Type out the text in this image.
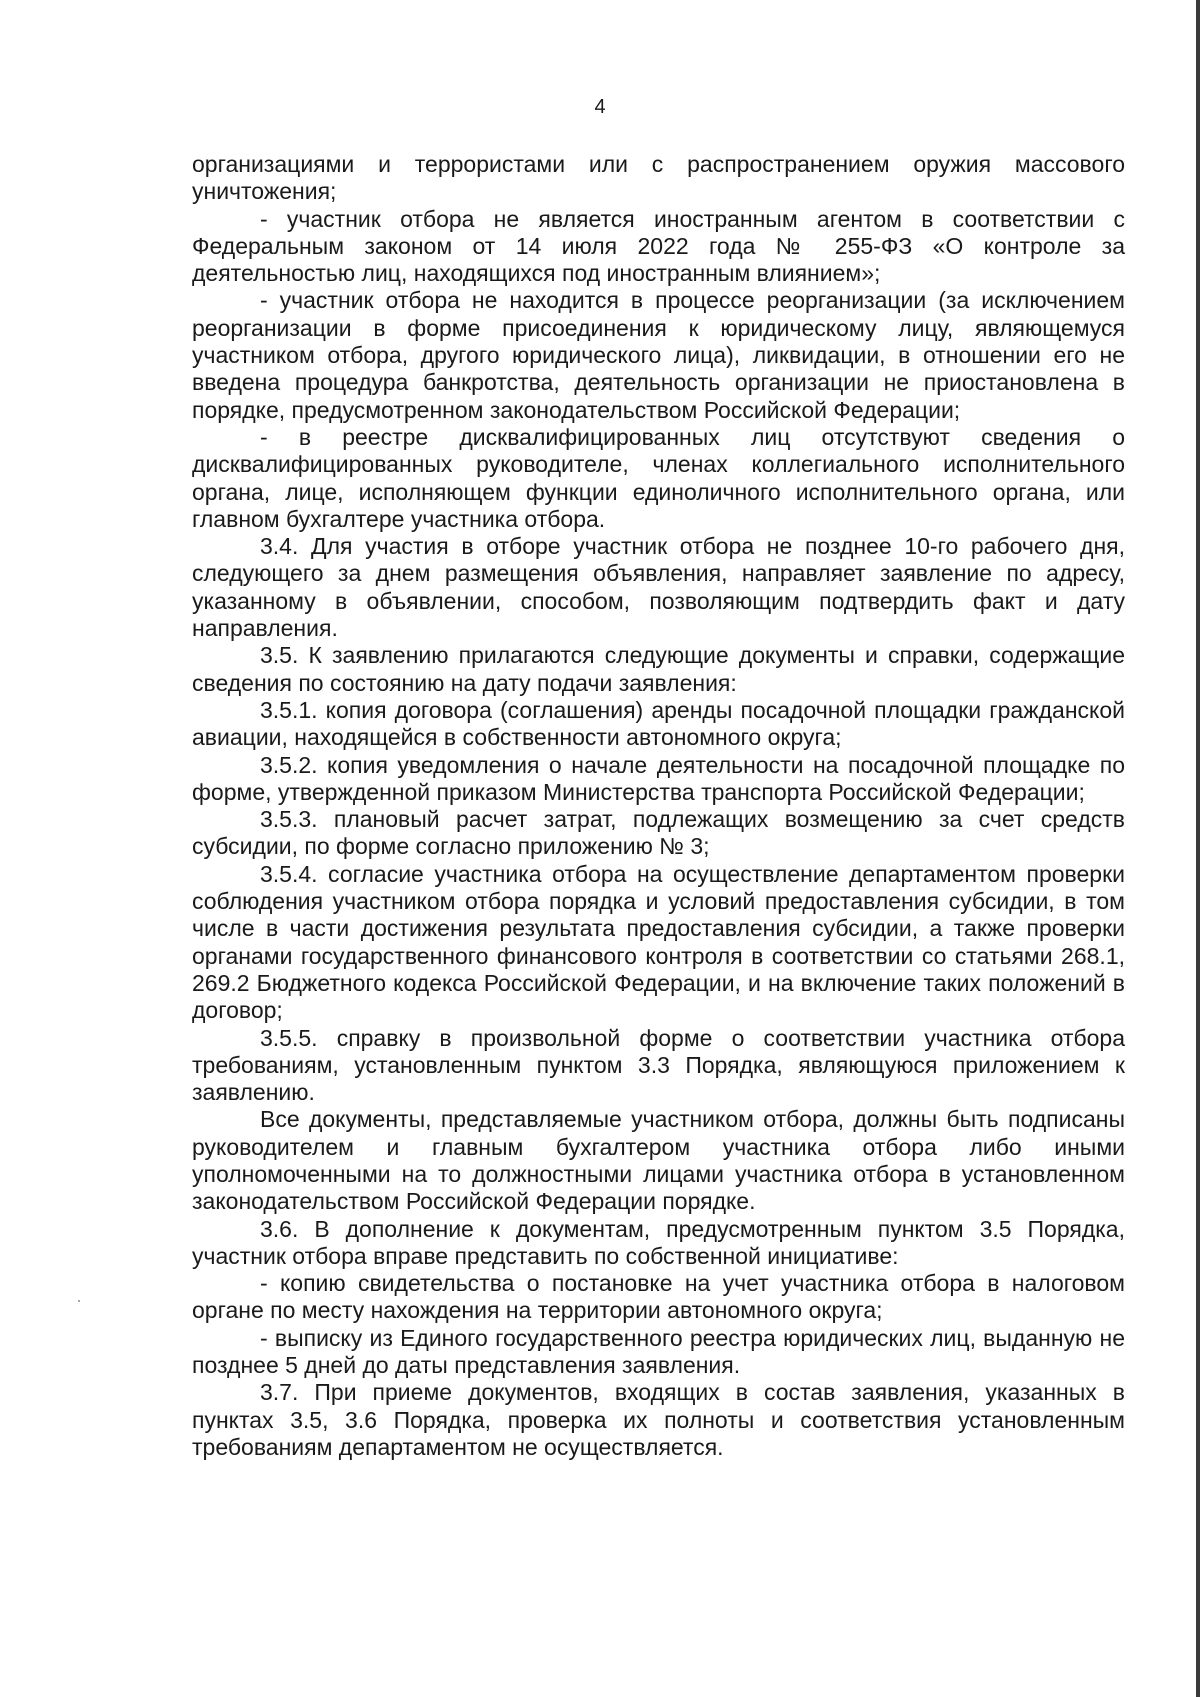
4

организациями и террористами или с распространением оружия массового уничтожения;

- участник отбора не является иностранным агентом в соответствии с Федеральным законом от 14 июля 2022 года № 255-ФЗ «О контроле за деятельностью лиц, находящихся под иностранным влиянием»;

- участник отбора не находится в процессе реорганизации (за исключением реорганизации в форме присоединения к юридическому лицу, являющемуся участником отбора, другого юридического лица), ликвидации, в отношении его не введена процедура банкротства, деятельность организации не приостановлена в порядке, предусмотренном законодательством Российской Федерации;

- в реестре дисквалифицированных лиц отсутствуют сведения о дисквалифицированных руководителе, членах коллегиального исполнительного органа, лице, исполняющем функции единоличного исполнительного органа, или главном бухгалтере участника отбора.

3.4. Для участия в отборе участник отбора не позднее 10-го рабочего дня, следующего за днем размещения объявления, направляет заявление по адресу, указанному в объявлении, способом, позволяющим подтвердить факт и дату направления.

3.5. К заявлению прилагаются следующие документы и справки, содержащие сведения по состоянию на дату подачи заявления:

3.5.1. копия договора (соглашения) аренды посадочной площадки гражданской авиации, находящейся в собственности автономного округа;

3.5.2. копия уведомления о начале деятельности на посадочной площадке по форме, утвержденной приказом Министерства транспорта Российской Федерации;

3.5.3. плановый расчет затрат, подлежащих возмещению за счет средств субсидии, по форме согласно приложению № 3;

3.5.4. согласие участника отбора на осуществление департаментом проверки соблюдения участником отбора порядка и условий предоставления субсидии, в том числе в части достижения результата предоставления субсидии, а также проверки органами государственного финансового контроля в соответствии со статьями 268.1, 269.2 Бюджетного кодекса Российской Федерации, и на включение таких положений в договор;

3.5.5. справку в произвольной форме о соответствии участника отбора требованиям, установленным пунктом 3.3 Порядка, являющуюся приложением к заявлению.

Все документы, представляемые участником отбора, должны быть подписаны руководителем и главным бухгалтером участника отбора либо иными уполномоченными на то должностными лицами участника отбора в установленном законодательством Российской Федерации порядке.

3.6. В дополнение к документам, предусмотренным пунктом 3.5 Порядка, участник отбора вправе представить по собственной инициативе:

- копию свидетельства о постановке на учет участника отбора в налоговом органе по месту нахождения на территории автономного округа;

- выписку из Единого государственного реестра юридических лиц, выданную не позднее 5 дней до даты представления заявления.

3.7. При приеме документов, входящих в состав заявления, указанных в пунктах 3.5, 3.6 Порядка, проверка их полноты и соответствия установленным требованиям департаментом не осуществляется.
